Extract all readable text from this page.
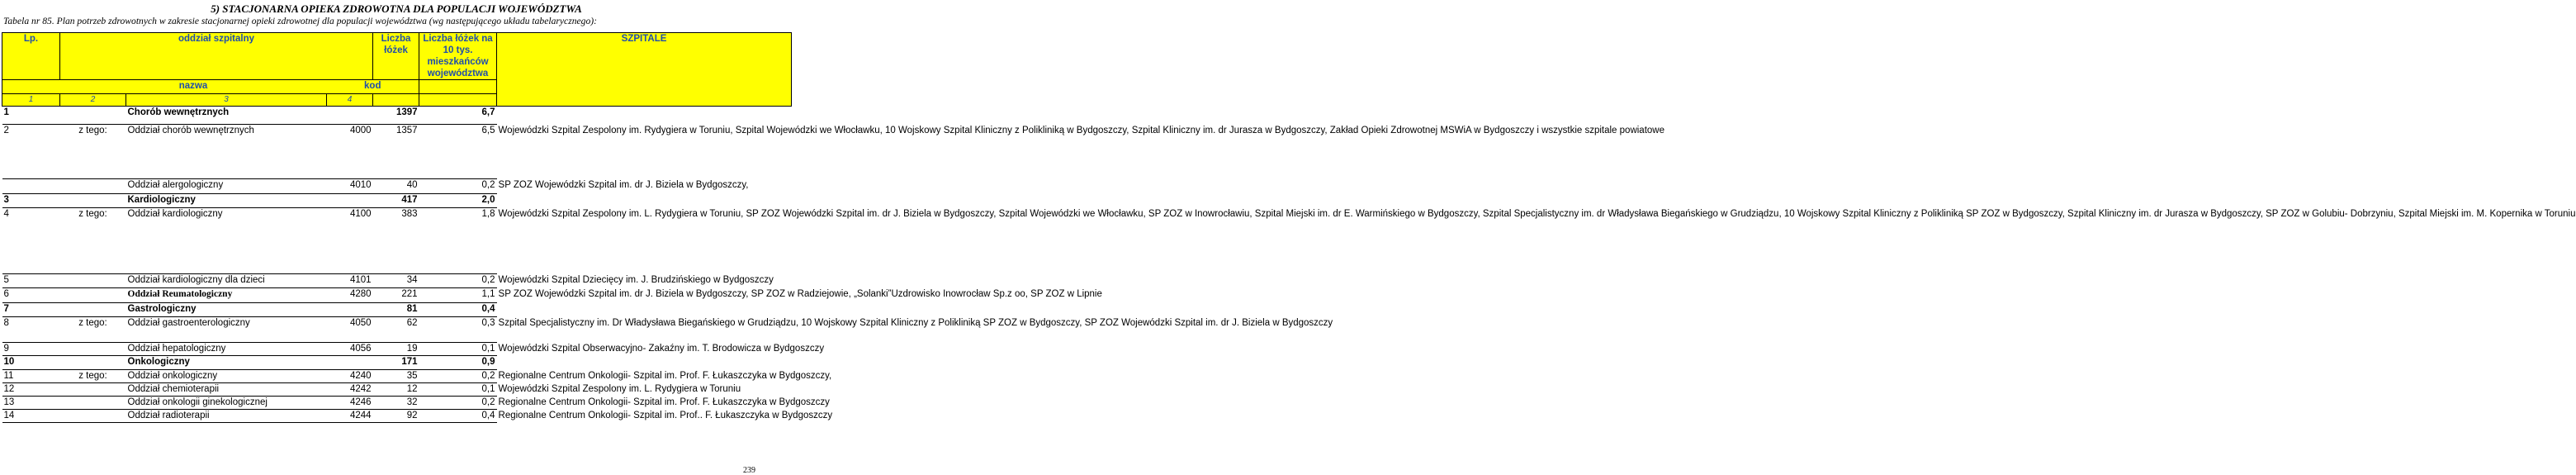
5) STACJONARNA OPIEKA ZDROWOTNA DLA POPULACJI WOJEWÓDZTWA
Tabela nr 85. Plan potrzeb zdrowotnych w zakresie stacjonarnej opieki zdrowotnej dla populacji województwa (wg następującego układu tabelarycznego):
Lp.	oddział szpitalny			Liczba łóżek	Liczba łóżek na 10 tys. mieszkańców województwa	SZPITALE
	nazwa		kod			
1	2	3	4			
1		Chorób wewnętrznych		1397	6,7	
2	z tego:	Oddział chorób wewnętrznych	4000	1357	6,5	Wojewódzki Szpital Zespolony im. Rydygiera w Toruniu, Szpital Wojewódzki we Włocławku, 10 Wojskowy Szpital Kliniczny z Polikliniką w Bydgoszczy, Szpital Kliniczny im. dr Jurasza w Bydgoszczy, Zakład Opieki Zdrowotnej MSWiA w Bydgoszczy i wszystkie szpitale powiatowe
		Oddział alergologiczny	4010	40	0,2	SP ZOZ Wojewódzki Szpital im. dr J. Biziela w Bydgoszczy,
3		Kardiologiczny		417	2,0	
4	z tego:	Oddział kardiologiczny	4100	383	1,8	Wojewódzki Szpital Zespolony im. L. Rydygiera w Toruniu, SP ZOZ Wojewódzki Szpital im. dr J. Biziela w Bydgoszczy, Szpital Wojewódzki we Włocławku, SP ZOZ w Inowrocławiu, Szpital Miejski im. dr E. Warmińskiego w Bydgoszczy, Szpital Specjalistyczny im. dr Władysława Biegańskiego w Grudziądzu, 10 Wojskowy Szpital Kliniczny z Polikliniką SP ZOZ w Bydgoszczy, Szpital Kliniczny im. dr Jurasza w Bydgoszczy, SP ZOZ w Golubiu- Dobrzyniu, Szpital Miejski im. M. Kopernika w Toruniu
5		Oddział kardiologiczny dla dzieci	4101	34	0,2	Wojewódzki Szpital Dziecięcy im. J. Brudzińskiego w Bydgoszczy
6		Oddział Reumatologiczny	4280	221	1,1	SP ZOZ Wojewódzki Szpital im. dr J. Biziela w Bydgoszczy, SP ZOZ w Radziejowie, „Solanki”Uzdrowisko Inowrocław Sp.z oo, SP ZOZ w Lipnie
7		Gastrologiczny		81	0,4	
8	z tego:	Oddział gastroenterologiczny	4050	62	0,3	Szpital Specjalistyczny im. Dr Władysława Biegańskiego w Grudziądzu, 10 Wojskowy Szpital Kliniczny z Polikliniką SP ZOZ w Bydgoszczy, SP ZOZ Wojewódzki Szpital im. dr J. Biziela w Bydgoszczy
9		Oddział hepatologiczny	4056	19	0,1	Wojewódzki Szpital Obserwacyjno- Zakaźny im. T. Brodowicza w Bydgoszczy
10		Onkologiczny		171	0,9	
11	z tego:	Oddział onkologiczny	4240	35	0,2	Regionalne Centrum Onkologii- Szpital im. Prof. F. Łukaszczyka w Bydgoszczy,
12		Oddział chemioterapii	4242	12	0,1	Wojewódzki Szpital Zespolony im. L. Rydygiera w Toruniu
13		Oddział onkologii ginekologicznej	4246	32	0,2	Regionalne Centrum Onkologii- Szpital im. Prof. F. Łukaszczyka w Bydgoszczy
14		Oddział radioterapii	4244	92	0,4	Regionalne Centrum Onkologii- Szpital im. Prof.. F. Łukaszczyka w Bydgoszczy
239
